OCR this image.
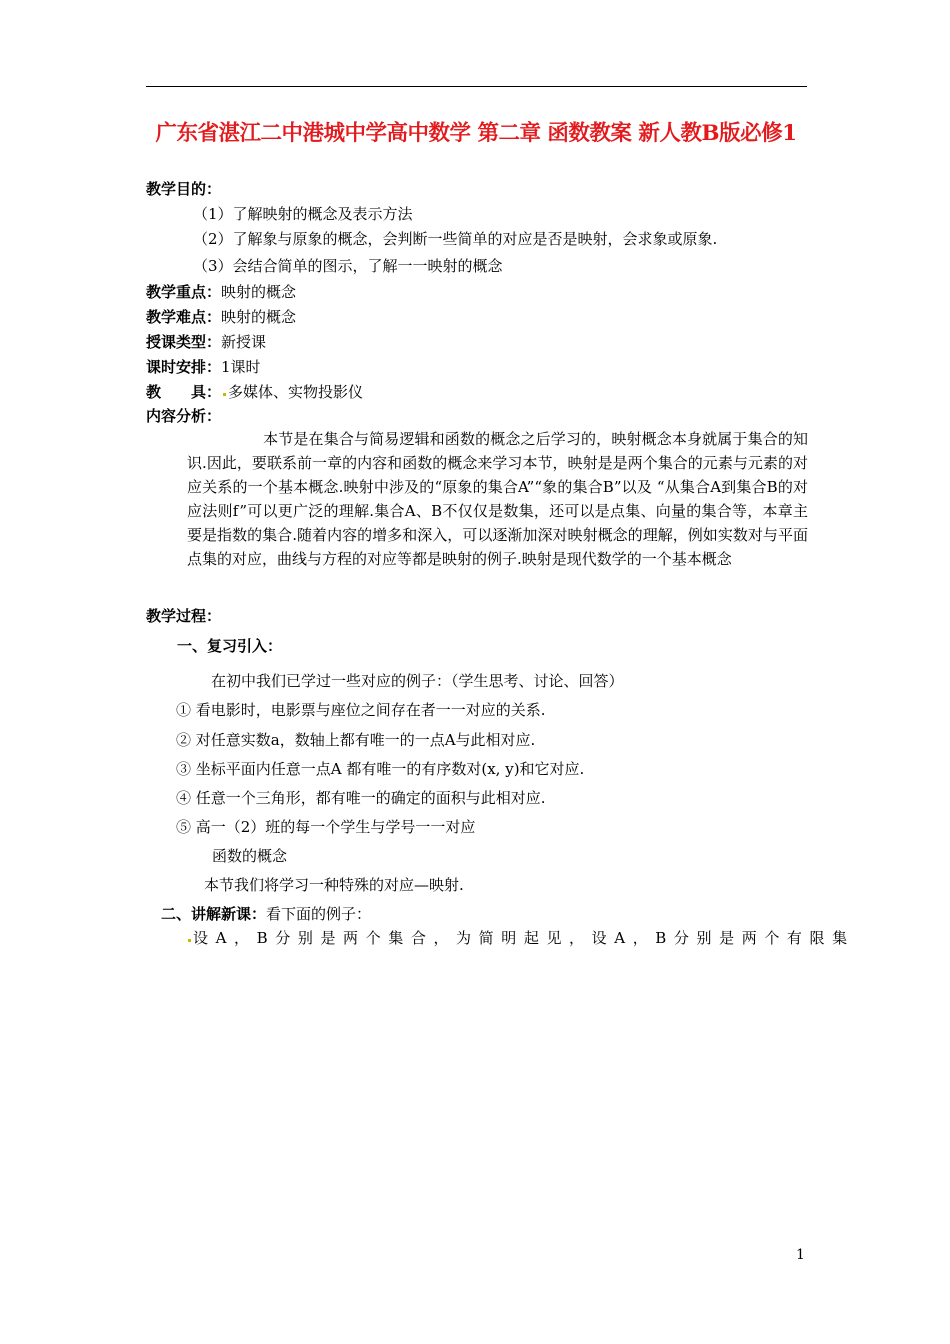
广东省湛江二中港城中学高中数学 第二章 函数教案 新人教B版必修1
教学目的：
（1）了解映射的概念及表示方法
（2）了解象与原象的概念，会判断一些简单的对应是否是映射，会求象或原象.
（3）会结合简单的图示，了解一一映射的概念
教学重点：映射的概念
教学难点：映射的概念
授课类型：新授课
课时安排：1课时
教　　具： 多媒体、实物投影仪
内容分析：
本节是在集合与简易逻辑和函数的概念之后学习的，映射概念本身就属于集合的知识.因此，要联系前一章的内容和函数的概念来学习本节，映射是是两个集合的元素与元素的对应关系的一个基本概念.映射中涉及的“原象的集合A”“象的集合B”以及 “从集合A到集合B的对应法则f”可以更广泛的理解.集合A、B不仅仅是数集，还可以是点集、向量的集合等，本章主要是指数的集合.随着内容的增多和深入，可以逐渐加深对映射概念的理解，例如实数对与平面点集的对应，曲线与方程的对应等都是映射的例子.映射是现代数学的一个基本概念
教学过程：
一、复习引入：
在初中我们已学过一些对应的例子：（学生思考、讨论、回答）
① 看电影时，电影票与座位之间存在者一一对应的关系.
② 对任意实数a，数轴上都有唯一的一点A与此相对应.
③ 坐标平面内任意一点A 都有唯一的有序数对(x, y)和它对应.
④ 任意一个三角形，都有唯一的确定的面积与此相对应.
⑤ 高一（2）班的每一个学生与学号一一对应
函数的概念
本节我们将学习一种特殊的对应—映射.
二、讲解新课：看下面的例子：
设A，B分别是两个集合，为简明起见，设A，B分别是两个有限集
1
